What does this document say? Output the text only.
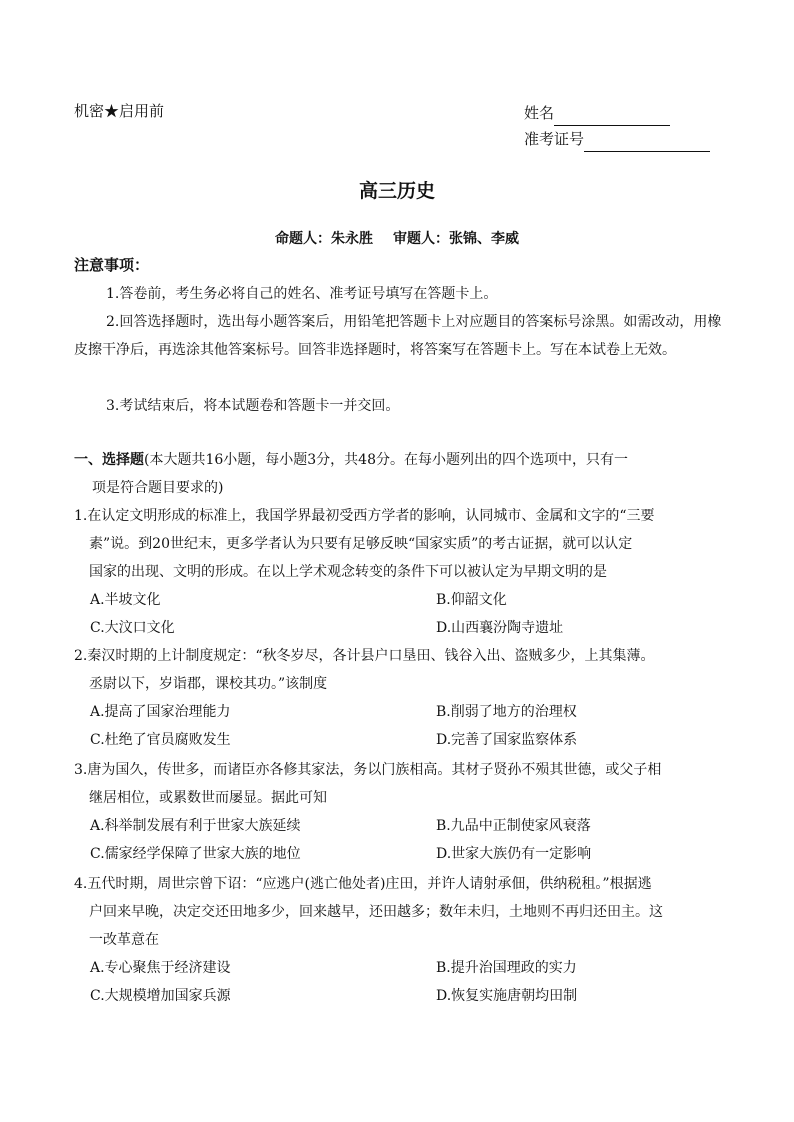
机密★启用前	姓名
准考证号
高三历史
命题人：朱永胜 审题人：张锦、李威
注意事项：
1.答卷前，考生务必将自己的姓名、准考证号填写在答题卡上。
2.回答选择题时，选出每小题答案后，用铅笔把答题卡上对应题目的答案标号涂黑。如需改动，用橡皮擦干净后，再选涂其他答案标号。回答非选择题时，将答案写在答题卡上。写在本试卷上无效。
3.考试结束后，将本试题卷和答题卡一并交回。
一、选择题(本大题共16小题，每小题3分，共48分。在每小题列出的四个选项中，只有一
项是符合题目要求的)
1.在认定文明形成的标准上，我国学界最初受西方学者的影响，认同城市、金属和文字的“三要
素”说。到20世纪末，更多学者认为只要有足够反映“国家实质”的考古证据，就可以认定
国家的出现、文明的形成。在以上学术观念转变的条件下可以被认定为早期文明的是
A.半坡文化	B.仰韶文化
C.大汶口文化	D.山西襄汾陶寺遗址
2.秦汉时期的上计制度规定：“秋冬岁尽，各计县户口垦田、钱谷入出、盗贼多少，上其集薄。
丞尉以下，岁诣郡，课校其功。”该制度
A.提高了国家治理能力	B.削弱了地方的治理权
C.杜绝了官员腐败发生	D.完善了国家监察体系
3.唐为国久，传世多，而诸臣亦各修其家法，务以门族相高。其材子贤孙不殒其世德，或父子相
继居相位，或累数世而屡显。据此可知
A.科举制发展有利于世家大族延续	B.九品中正制使家风衰落
C.儒家经学保障了世家大族的地位	D.世家大族仍有一定影响
4.五代时期，周世宗曾下诏：“应逃户(逃亡他处者)庄田，并许人请射承佃，供纳税租。”根据逃
户回来早晚，决定交还田地多少，回来越早，还田越多；数年未归，土地则不再归还田主。这
一改革意在
A.专心聚焦于经济建设	B.提升治国理政的实力
C.大规模增加国家兵源	D.恢复实施唐朝均田制
